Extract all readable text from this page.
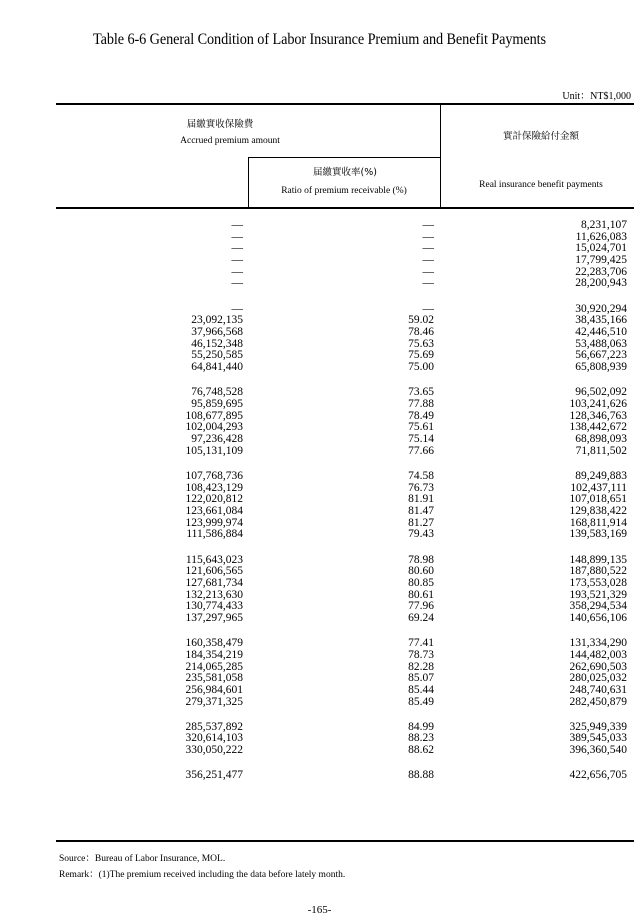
Table 6-6 General Condition of Labor Insurance Premium and Benefit Payments
Unit：NT$1,000
届繳實收保險費
Accrued premium amount
届繳實收率(%)
Ratio of premium receivable (%)
實計保險給付金額
Real insurance benefit payments
—
—
—
—
—
—
—
23,092,135
37,966,568
46,152,348
55,250,585
64,841,440
76,748,528
95,859,695
108,677,895
102,004,293
97,236,428
105,131,109
107,768,736
108,423,129
122,020,812
123,661,084
123,999,974
111,586,884
115,643,023
121,606,565
127,681,734
132,213,630
130,774,433
137,297,965
160,358,479
184,354,219
214,065,285
235,581,058
256,984,601
279,371,325
285,537,892
320,614,103
330,050,222
356,251,477
—
—
—
—
—
—
—
59.02
78.46
75.63
75.69
75.00
73.65
77.88
78.49
75.61
75.14
77.66
74.58
76.73
81.91
81.47
81.27
79.43
78.98
80.60
80.85
80.61
77.96
69.24
77.41
78.73
82.28
85.07
85.44
85.49
84.99
88.23
88.62
88.88
8,231,107
11,626,083
15,024,701
17,799,425
22,283,706
28,200,943
30,920,294
38,435,166
42,446,510
53,488,063
56,667,223
65,808,939
96,502,092
103,241,626
128,346,763
138,442,672
68,898,093
71,811,502
89,249,883
102,437,111
107,018,651
129,838,422
168,811,914
139,583,169
148,899,135
187,880,522
173,553,028
193,521,329
358,294,534
140,656,106
131,334,290
144,482,003
262,690,503
280,025,032
248,740,631
282,450,879
325,949,339
389,545,033
396,360,540
422,656,705
Source：Bureau of Labor Insurance, MOL.
Remark：(1)The premium received including the data before lately month.
-165-
